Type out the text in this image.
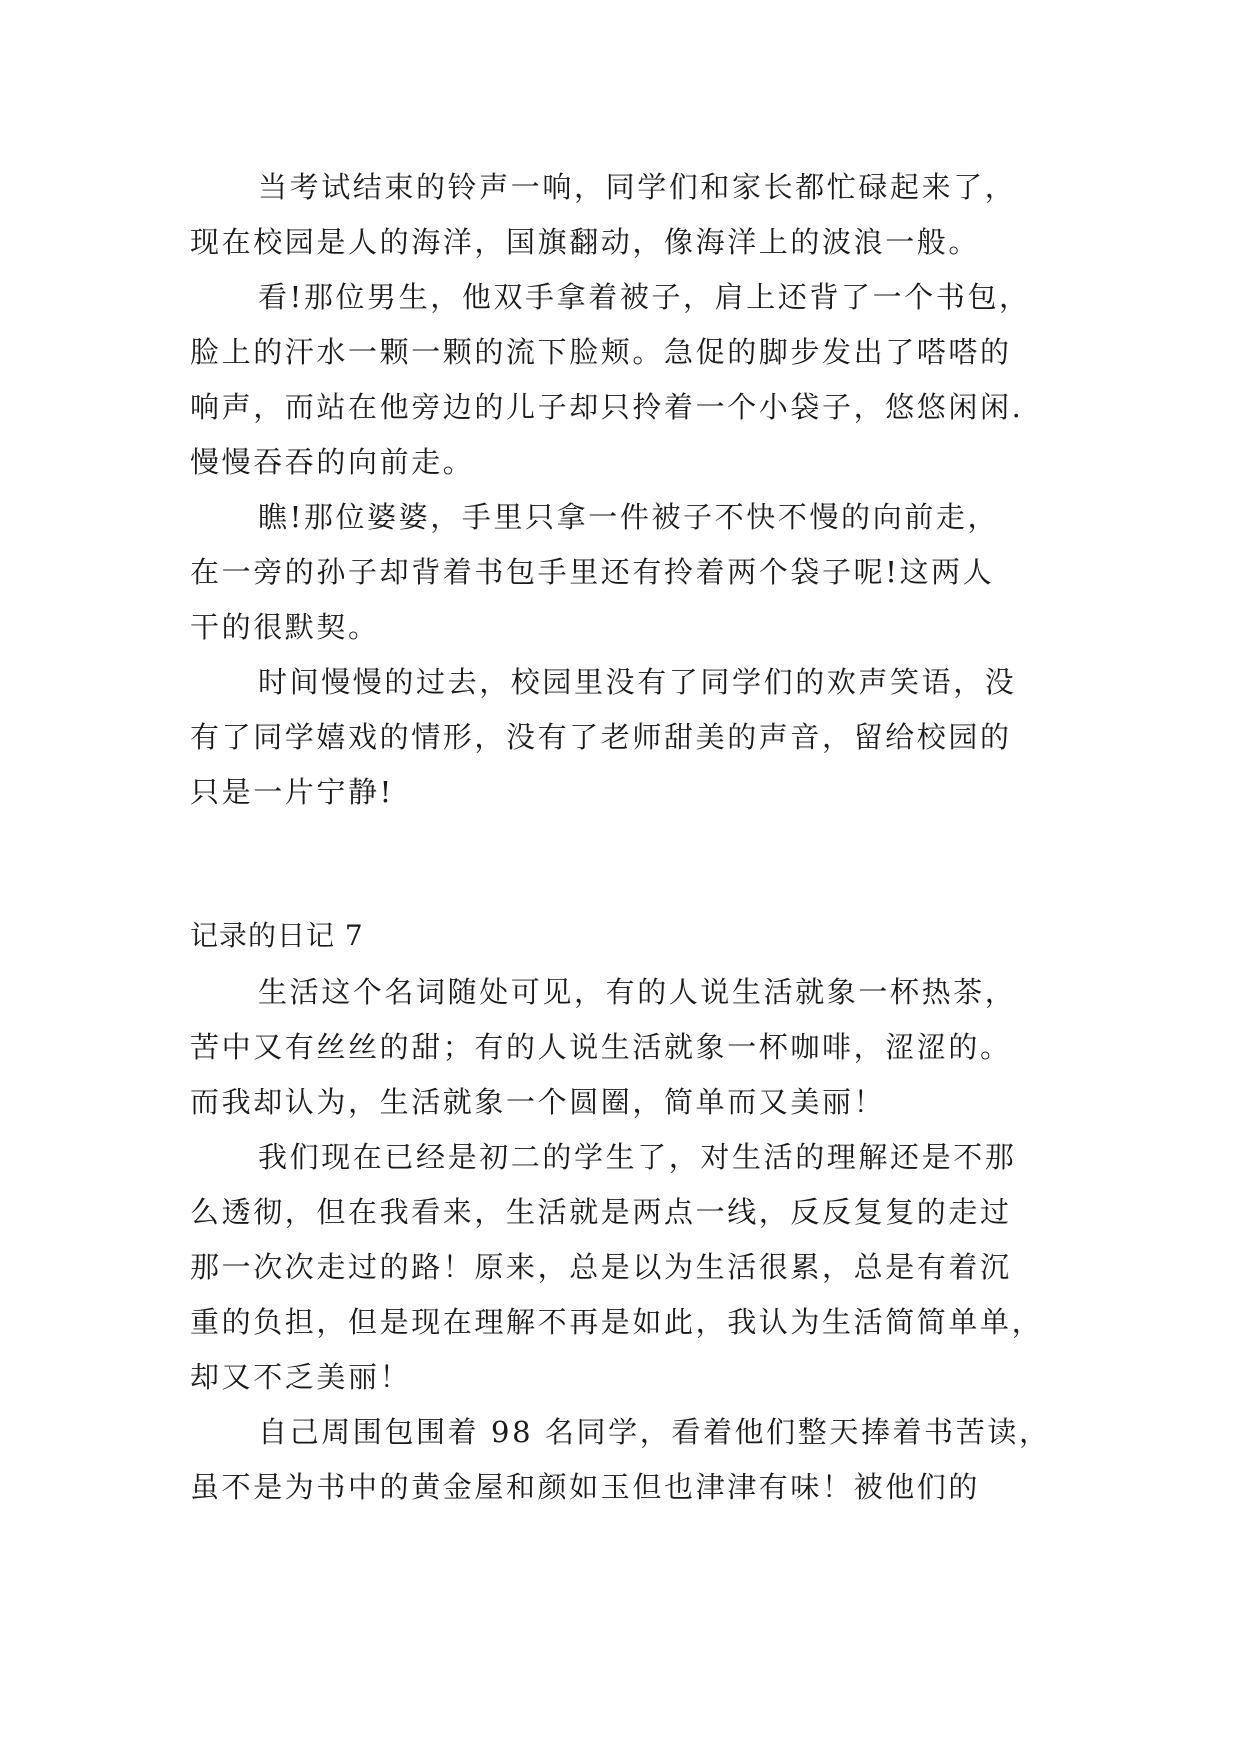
当考试结束的铃声一响，同学们和家长都忙碌起来了，
现在校园是人的海洋，国旗翻动，像海洋上的波浪一般。
看!那位男生，他双手拿着被子，肩上还背了一个书包，
脸上的汗水一颗一颗的流下脸颊。急促的脚步发出了嗒嗒的
响声，而站在他旁边的儿子却只拎着一个小袋子，悠悠闲闲.
慢慢吞吞的向前走。
瞧!那位婆婆，手里只拿一件被子不快不慢的向前走，
在一旁的孙子却背着书包手里还有拎着两个袋子呢!这两人
干的很默契。
时间慢慢的过去，校园里没有了同学们的欢声笑语，没
有了同学嬉戏的情形，没有了老师甜美的声音，留给校园的
只是一片宁静!
记录的日记 7
生活这个名词随处可见，有的人说生活就象一杯热茶，
苦中又有丝丝的甜；有的人说生活就象一杯咖啡，涩涩的。
而我却认为，生活就象一个圆圈，简单而又美丽！
我们现在已经是初二的学生了，对生活的理解还是不那
么透彻，但在我看来，生活就是两点一线，反反复复的走过
那一次次走过的路！原来，总是以为生活很累，总是有着沉
重的负担，但是现在理解不再是如此，我认为生活简简单单，
却又不乏美丽！
自己周围包围着 98 名同学，看着他们整天捧着书苦读，
虽不是为书中的黄金屋和颜如玉但也津津有味！被他们的
